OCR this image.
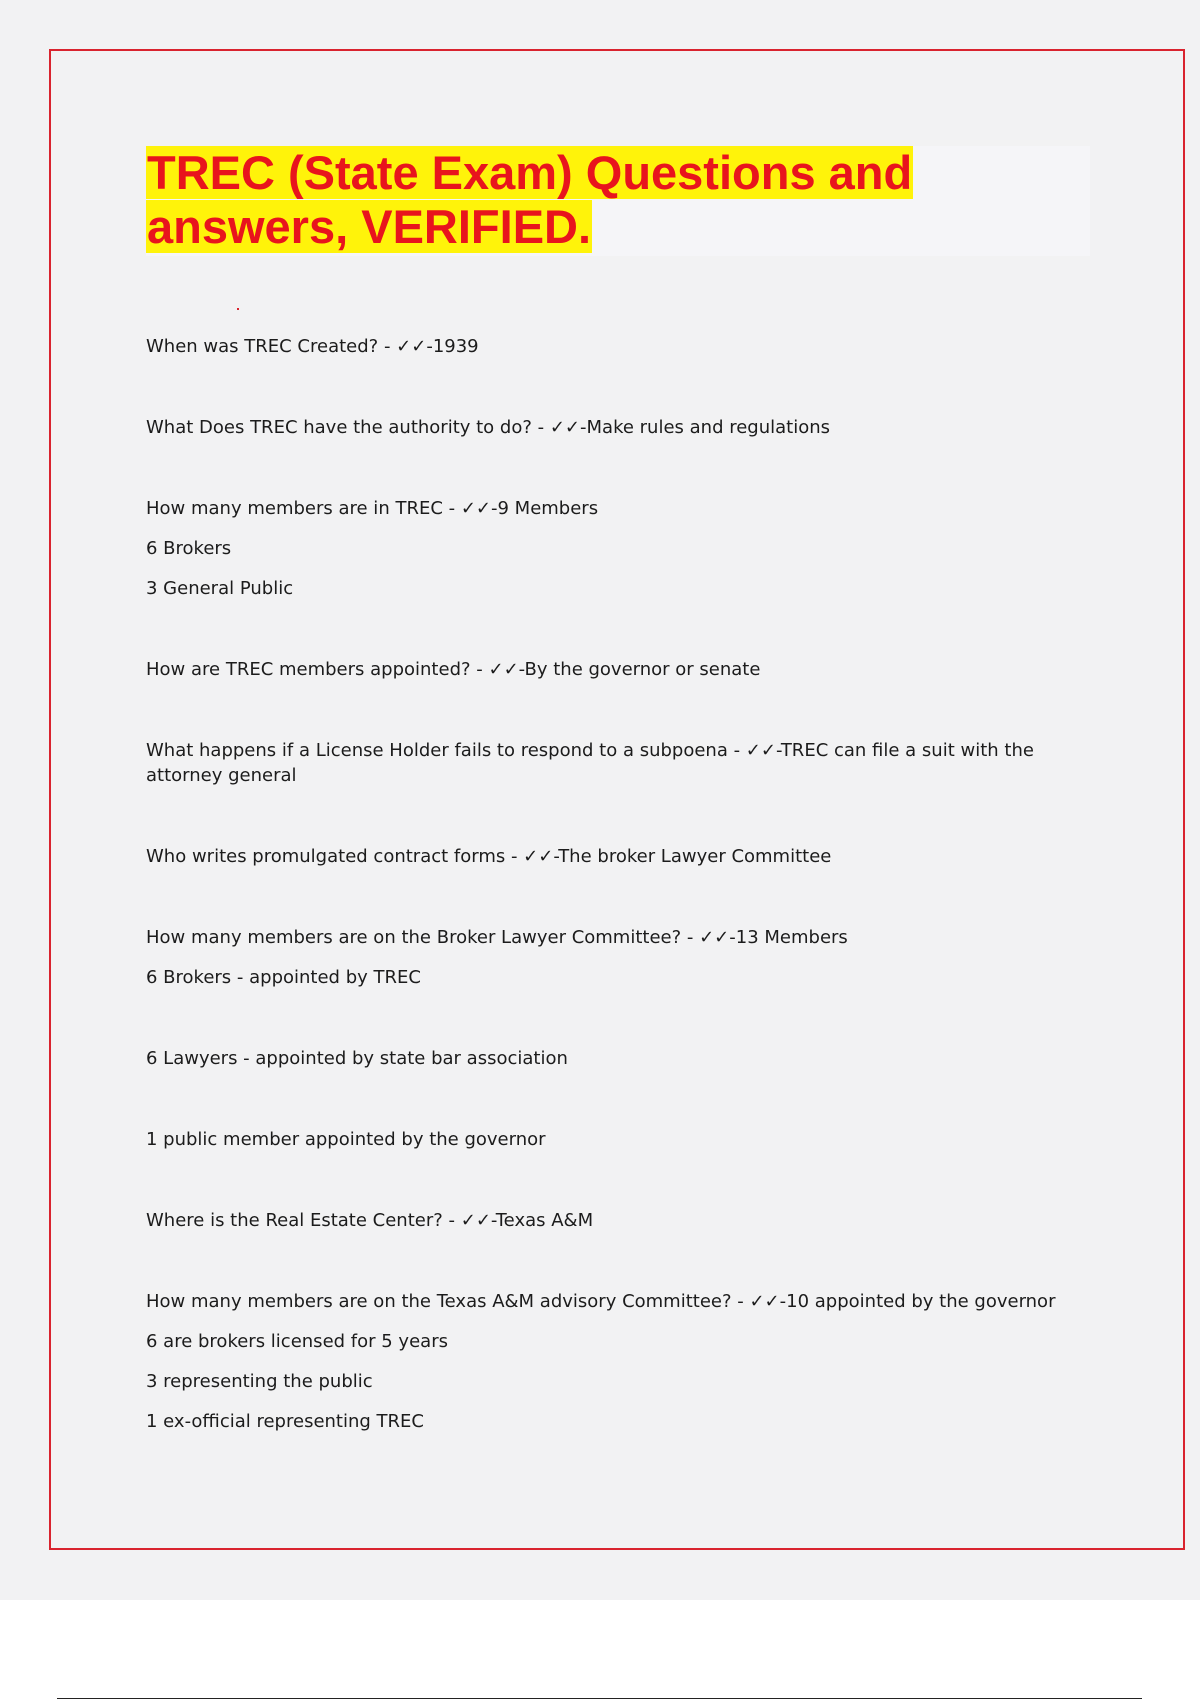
TREC (State Exam) Questions and
answers, VERIFIED.

When was TREC Created? - ✓✓-1939

What Does TREC have the authority to do? - ✓✓-Make rules and regulations

How many members are in TREC - ✓✓-9 Members

6 Brokers

3 General Public

How are TREC members appointed? - ✓✓-By the governor or senate

What happens if a License Holder fails to respond to a subpoena - ✓✓-TREC can file a suit with the

attorney general

Who writes promulgated contract forms - ✓✓-The broker Lawyer Committee

How many members are on the Broker Lawyer Committee? - ✓✓-13 Members

6 Brokers - appointed by TREC

6 Lawyers - appointed by state bar association

1 public member appointed by the governor

Where is the Real Estate Center? - ✓✓-Texas A&M

How many members are on the Texas A&M advisory Committee? - ✓✓-10 appointed by the governor

6 are brokers licensed for 5 years

3 representing the public

1 ex-official representing TREC
